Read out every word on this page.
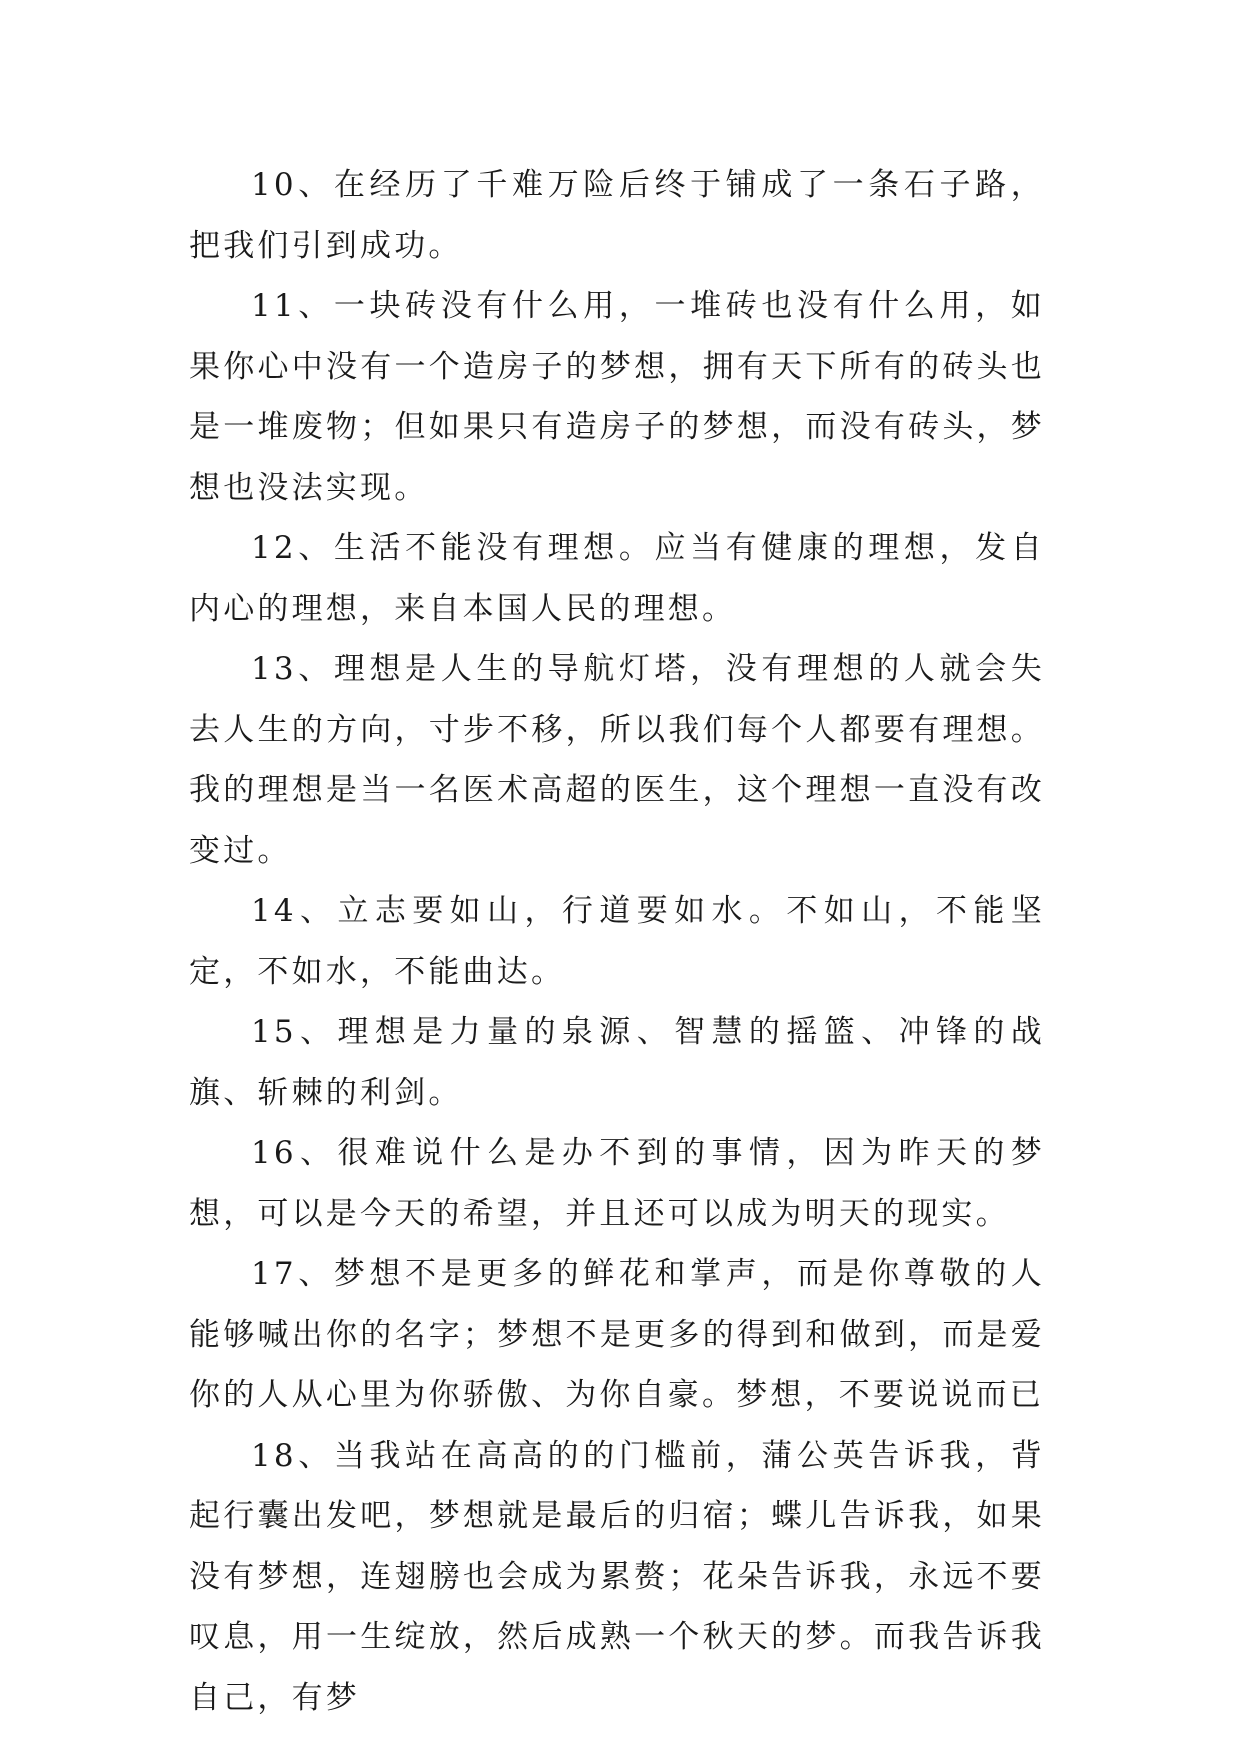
10、在经历了千难万险后终于铺成了一条石子路，把我们引到成功。

11、一块砖没有什么用，一堆砖也没有什么用，如果你心中没有一个造房子的梦想，拥有天下所有的砖头也是一堆废物；但如果只有造房子的梦想，而没有砖头，梦想也没法实现。

12、生活不能没有理想。应当有健康的理想，发自内心的理想，来自本国人民的理想。

13、理想是人生的导航灯塔，没有理想的人就会失去人生的方向，寸步不移，所以我们每个人都要有理想。我的理想是当一名医术高超的医生，这个理想一直没有改变过。

14、立志要如山，行道要如水。不如山，不能坚定，不如水，不能曲达。

15、理想是力量的泉源、智慧的摇篮、冲锋的战旗、斩棘的利剑。

16、很难说什么是办不到的事情，因为昨天的梦想，可以是今天的希望，并且还可以成为明天的现实。

17、梦想不是更多的鲜花和掌声，而是你尊敬的人能够喊出你的名字；梦想不是更多的得到和做到，而是爱你的人从心里为你骄傲、为你自豪。梦想，不要说说而已

18、当我站在高高的的门槛前，蒲公英告诉我，背起行囊出发吧，梦想就是最后的归宿；蝶儿告诉我，如果没有梦想，连翅膀也会成为累赘；花朵告诉我，永远不要叹息，用一生绽放，然后成熟一个秋天的梦。而我告诉我自己，有梦
